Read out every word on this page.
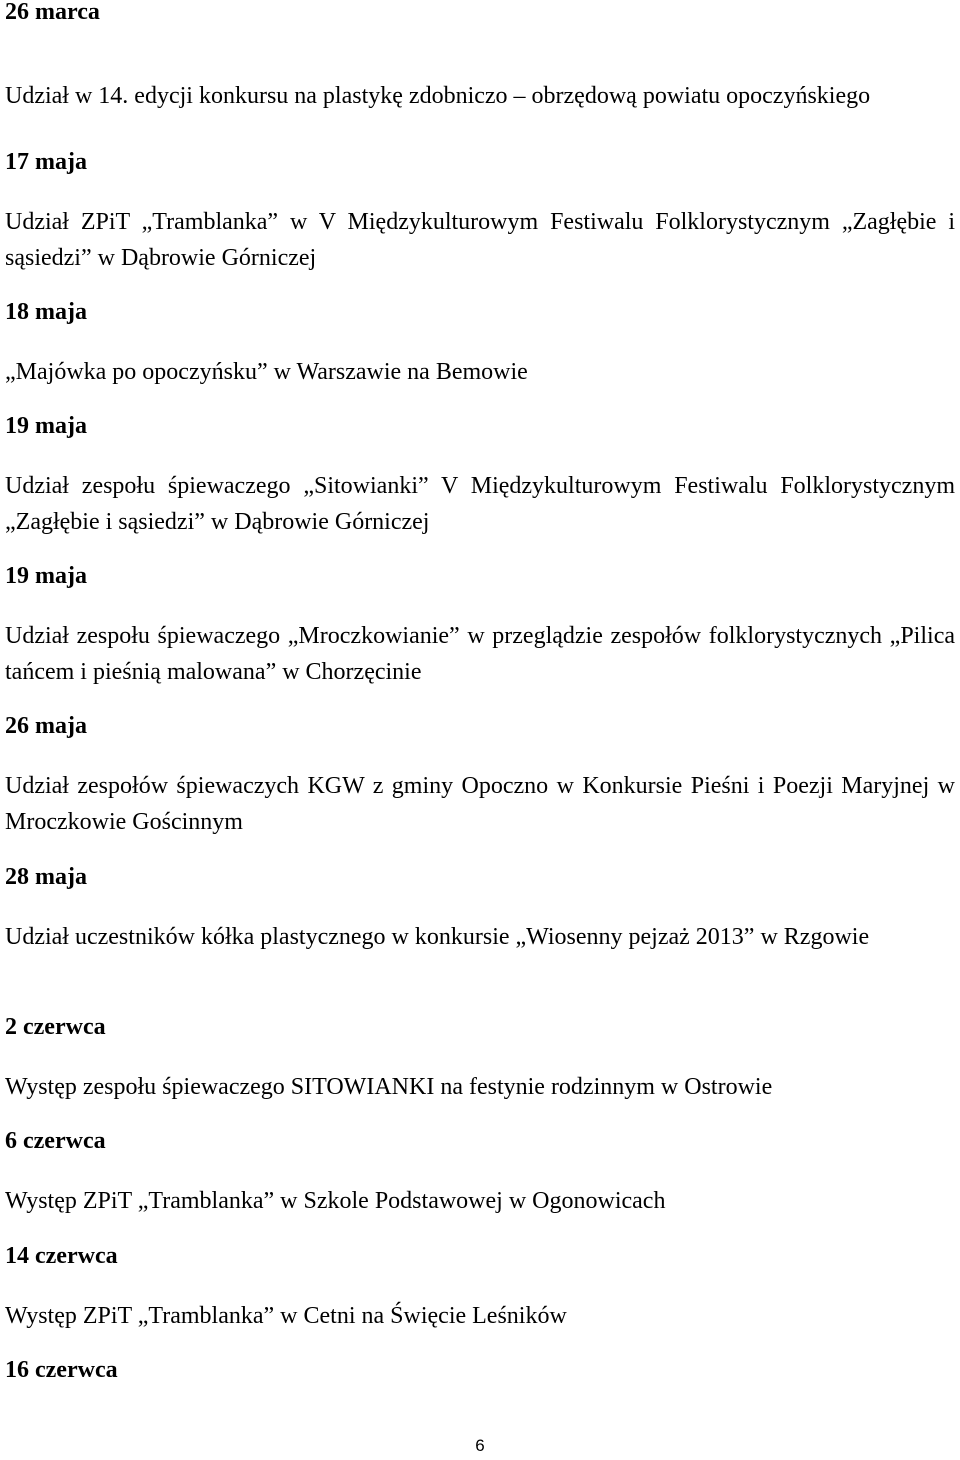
26 marca

Udział w 14. edycji konkursu na plastykę zdobniczo – obrzędową powiatu opoczyńskiego

17 maja

Udział ZPiT „Tramblanka” w V Międzykulturowym Festiwalu Folklorystycznym „Zagłębie i sąsiedzi” w Dąbrowie Górniczej

18 maja

„Majówka po opoczyńsku” w Warszawie na Bemowie

19 maja

Udział zespołu śpiewaczego „Sitowianki” V Międzykulturowym Festiwalu Folklorystycznym „Zagłębie i sąsiedzi” w Dąbrowie Górniczej

19 maja

Udział zespołu śpiewaczego „Mroczkowianie” w przeglądzie zespołów folklorystycznych „Pilica tańcem i pieśnią malowana” w Chorzęcinie

26 maja

Udział zespołów śpiewaczych KGW z gminy Opoczno w Konkursie Pieśni i Poezji Maryjnej w Mroczkowie Gościnnym

28 maja

Udział uczestników kółka plastycznego w konkursie „Wiosenny pejzaż 2013” w Rzgowie

2 czerwca

Występ zespołu śpiewaczego SITOWIANKI na festynie rodzinnym w Ostrowie

6 czerwca

Występ ZPiT „Tramblanka” w Szkole Podstawowej w Ogonowicach

14 czerwca

Występ ZPiT „Tramblanka” w Cetni na Święcie Leśników

16 czerwca

6
